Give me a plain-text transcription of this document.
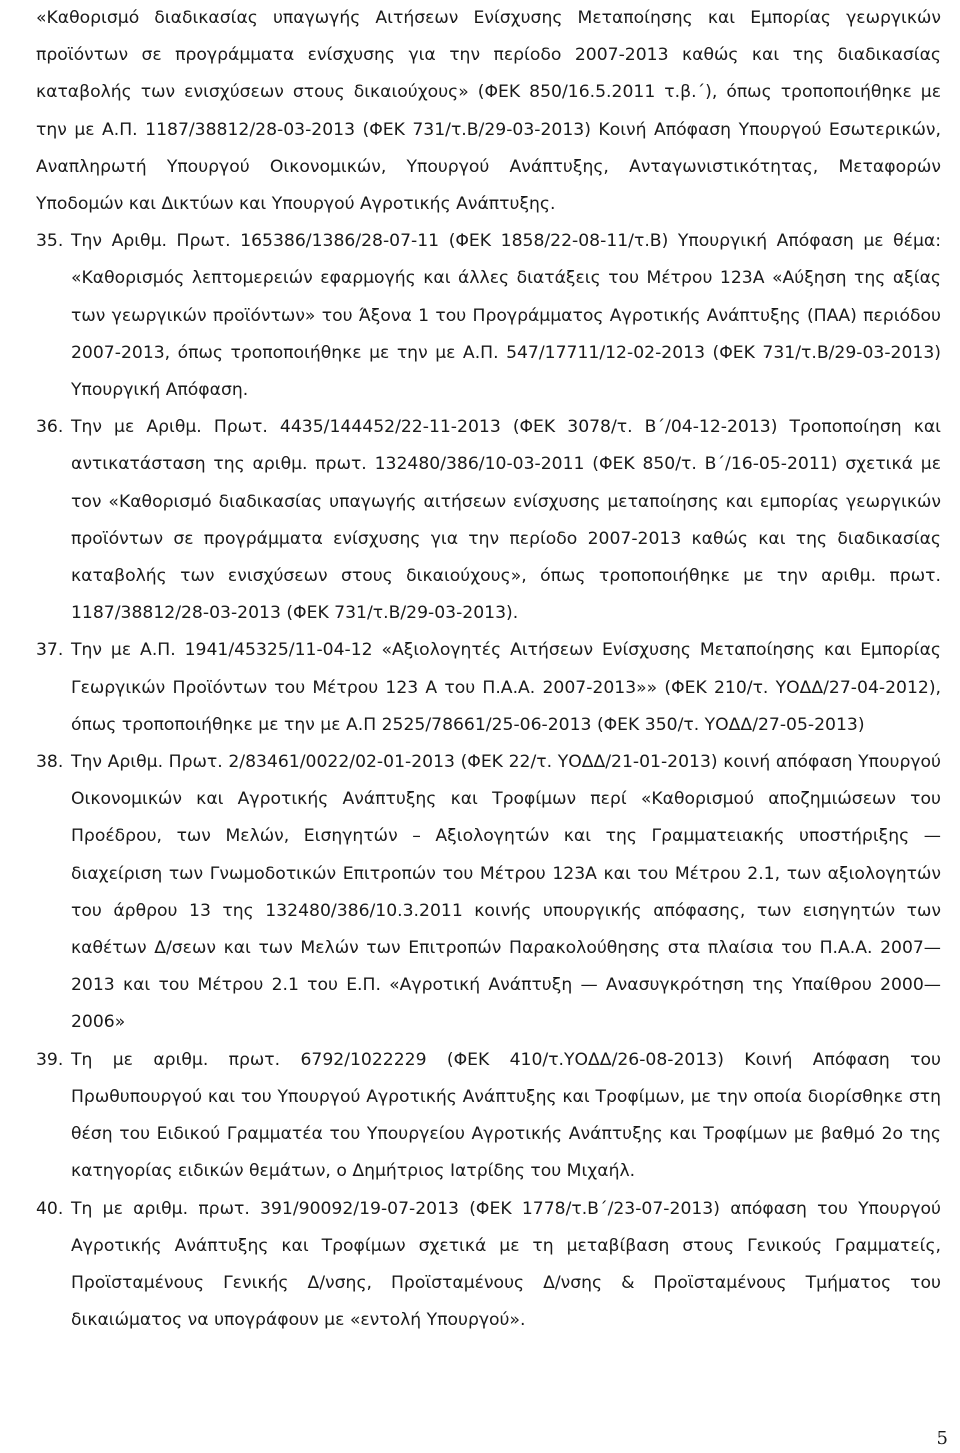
«Καθορισμό διαδικασίας υπαγωγής Αιτήσεων Ενίσχυσης Μεταποίησης και Εμπορίας γεωργικών προϊόντων σε προγράμματα ενίσχυσης για την περίοδο 2007-2013 καθώς και της διαδικασίας καταβολής των ενισχύσεων στους δικαιούχους» (ΦΕΚ 850/16.5.2011 τ.β.΄), όπως τροποποιήθηκε με την με Α.Π. 1187/38812/28-03-2013 (ΦΕΚ 731/τ.Β/29-03-2013) Κοινή Απόφαση Υπουργού Εσωτερικών, Αναπληρωτή Υπουργού Οικονομικών, Υπουργού Ανάπτυξης, Ανταγωνιστικότητας, Μεταφορών Υποδομών και Δικτύων και Υπουργού Αγροτικής Ανάπτυξης.

35. Την Αριθμ. Πρωτ. 165386/1386/28-07-11 (ΦΕΚ 1858/22-08-11/τ.Β) Υπουργική Απόφαση με θέμα: «Καθορισμός λεπτομερειών εφαρμογής και άλλες διατάξεις του Μέτρου 123Α «Αύξηση της αξίας των γεωργικών προϊόντων» του Άξονα 1 του Προγράμματος Αγροτικής Ανάπτυξης (ΠΑΑ) περιόδου 2007-2013, όπως τροποποιήθηκε με την με Α.Π. 547/17711/12-02-2013 (ΦΕΚ 731/τ.Β/29-03-2013) Υπουργική Απόφαση.
36. Την με Αριθμ. Πρωτ. 4435/144452/22-11-2013 (ΦΕΚ 3078/τ. Β΄/04-12-2013) Τροποποίηση και αντικατάσταση της αριθμ. πρωτ. 132480/386/10-03-2011 (ΦΕΚ 850/τ. Β΄/16-05-2011) σχετικά με τον «Καθορισμό διαδικασίας υπαγωγής αιτήσεων ενίσχυσης μεταποίησης και εμπορίας γεωργικών προϊόντων σε προγράμματα ενίσχυσης για την περίοδο 2007-2013 καθώς και της διαδικασίας καταβολής των ενισχύσεων στους δικαιούχους», όπως τροποποιήθηκε με την αριθμ. πρωτ. 1187/38812/28-03-2013 (ΦΕΚ 731/τ.Β/29-03-2013).
37. Την με Α.Π. 1941/45325/11-04-12 «Αξιολογητές Αιτήσεων Ενίσχυσης Μεταποίησης και Εμπορίας Γεωργικών Προϊόντων του Μέτρου 123 Α του Π.Α.Α. 2007-2013»» (ΦΕΚ 210/τ. ΥΟΔΔ/27-04-2012), όπως τροποποιήθηκε με την με Α.Π 2525/78661/25-06-2013 (ΦΕΚ 350/τ. ΥΟΔΔ/27-05-2013)
38. Την Αριθμ. Πρωτ. 2/83461/0022/02-01-2013 (ΦΕΚ 22/τ. ΥΟΔΔ/21-01-2013) κοινή απόφαση Υπουργού Οικονομικών και Αγροτικής Ανάπτυξης και Τροφίμων περί «Καθορισμού αποζημιώσεων του Προέδρου, των Μελών, Εισηγητών – Αξιολογητών και της Γραμματειακής υποστήριξης — διαχείριση των Γνωμοδοτικών Επιτροπών του Μέτρου 123Α και του Μέτρου 2.1, των αξιολογητών του άρθρου 13 της 132480/386/10.3.2011 κοινής υπουργικής απόφασης, των εισηγητών των καθέτων Δ/σεων και των Μελών των Επιτροπών Παρακολούθησης στα πλαίσια του Π.Α.Α. 2007—2013 και του Μέτρου 2.1 του Ε.Π. «Αγροτική Ανάπτυξη — Ανασυγκρότηση της Υπαίθρου 2000—2006»
39. Τη με αριθμ. πρωτ. 6792/1022229 (ΦΕΚ 410/τ.ΥΟΔΔ/26-08-2013) Κοινή Απόφαση του Πρωθυπουργού και του Υπουργού Αγροτικής Ανάπτυξης και Τροφίμων, με την οποία διορίσθηκε στη θέση του Ειδικού Γραμματέα του Υπουργείου Αγροτικής Ανάπτυξης και Τροφίμων με βαθμό 2ο της κατηγορίας ειδικών θεμάτων, ο Δημήτριος Ιατρίδης του Μιχαήλ.
40. Τη με αριθμ. πρωτ. 391/90092/19-07-2013 (ΦΕΚ 1778/τ.Β΄/23-07-2013) απόφαση του Υπουργού Αγροτικής Ανάπτυξης και Τροφίμων σχετικά με τη μεταβίβαση στους Γενικούς Γραμματείς, Προϊσταμένους Γενικής Δ/νσης, Προϊσταμένους Δ/νσης & Προϊσταμένους Τμήματος του δικαιώματος να υπογράφουν με «εντολή Υπουργού».
5
